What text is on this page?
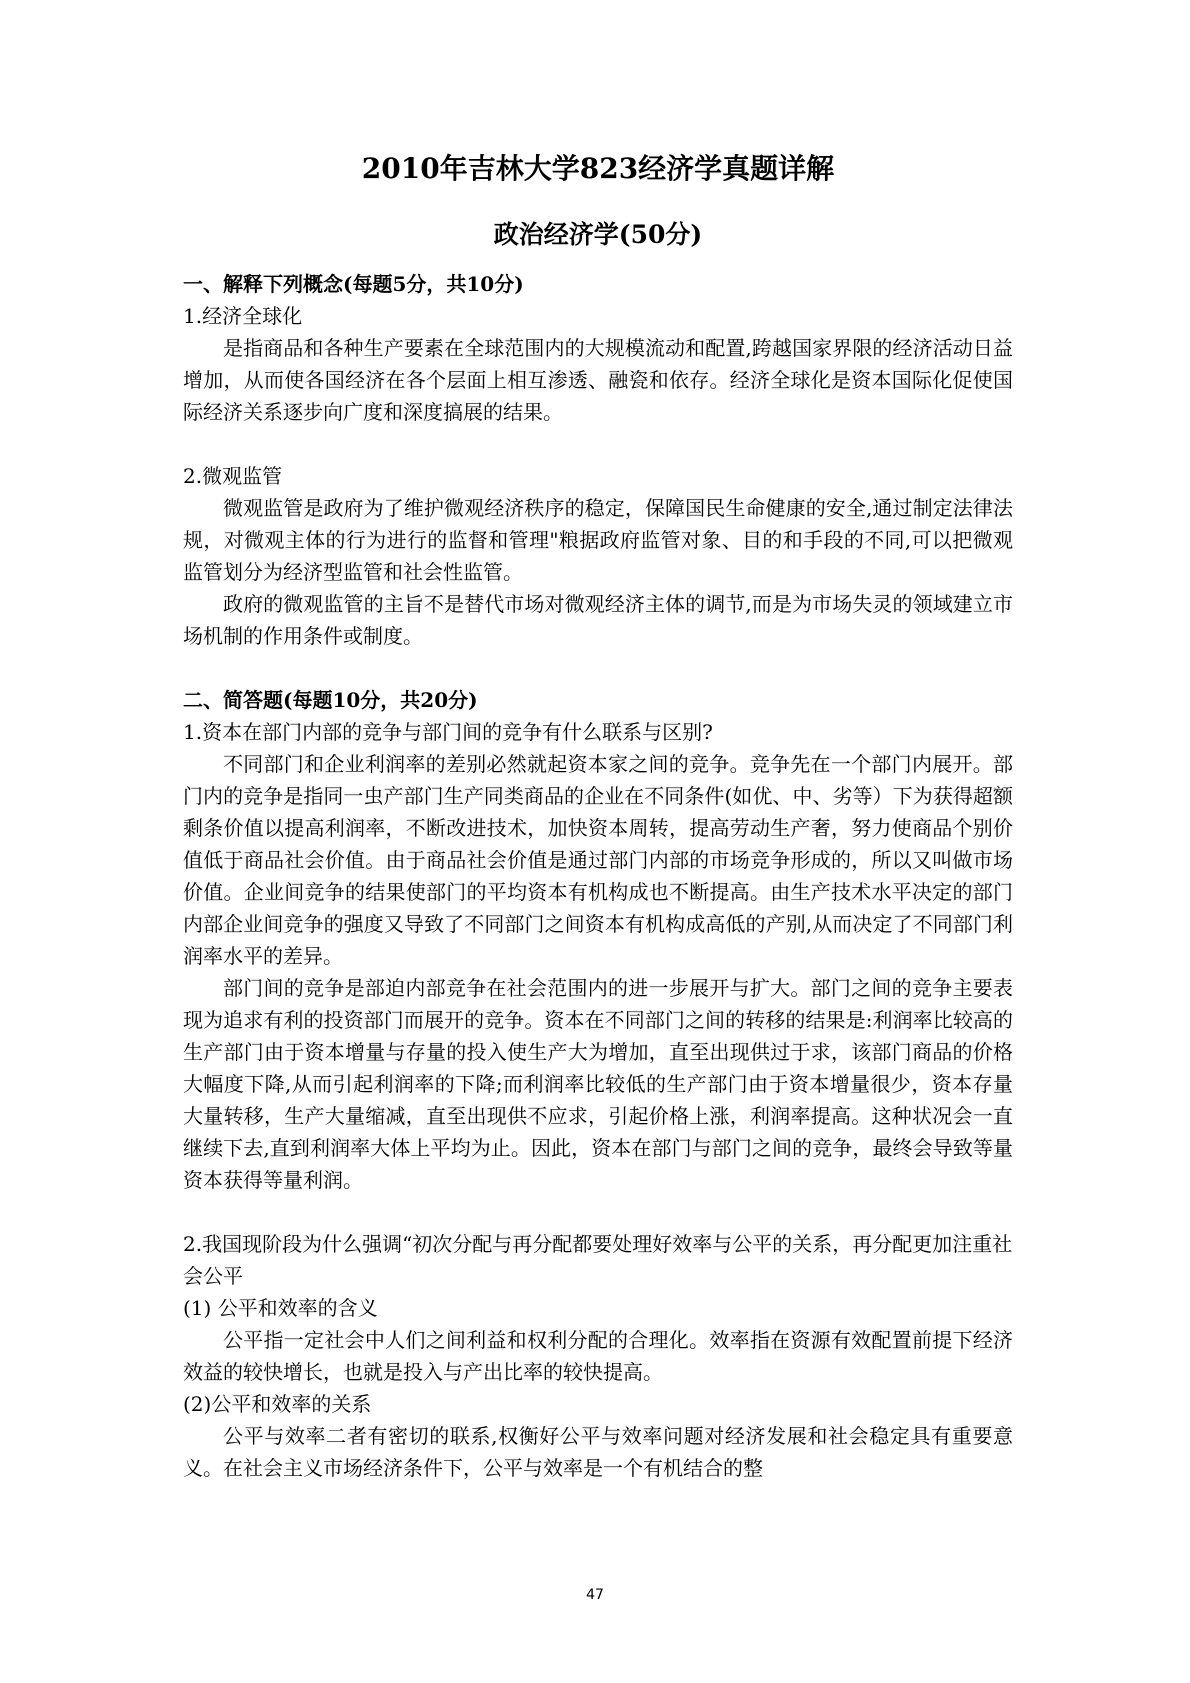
2010年吉林大学823经济学真题详解
政治经济学(50分)

一、解释下列概念(每题5分，共10分)

1.经济全球化

是指商品和各种生产要素在全球范围内的大规模流动和配置,跨越国家界限的经济活动日益增加，从而使各国经济在各个层面上相互渗透、融瓷和依存。经济全球化是资本国际化促使国际经济关系逐步向广度和深度搞展的结果。

2.微观监管

微观监管是政府为了维护微观经济秩序的稳定，保障国民生命健康的安全,通过制定法律法规，对微观主体的行为进行的监督和管理"粮据政府监管对象、目的和手段的不同,可以把微观监管划分为经济型监管和社会性监管。

政府的微观监管的主旨不是替代市场对微观经济主体的调节,而是为市场失灵的领域建立市场机制的作用条件或制度。

二、简答题(每题10分，共20分)

1.资本在部门内部的竞争与部门间的竞争有什么联系与区别?

不同部门和企业利润率的差别必然就起资本家之间的竞争。竞争先在一个部门内展开。部门内的竞争是指同一虫产部门生产同类商品的企业在不同条件(如优、中、劣等）下为获得超额剩条价值以提高利润率，不断改进技术，加快资本周转，提高劳动生产奢，努力使商品个别价值低于商品社会价值。由于商品社会价值是通过部门内部的市场竞争形成的，所以又叫做市场价值。企业间竞争的结果使部门的平均资本有机构成也不断提高。由生产技术水平决定的部门内部企业间竞争的强度又导致了不同部门之间资本有机构成高低的产别,从而决定了不同部门利润率水平的差异。

部门间的竞争是部迫内部竞争在社会范围内的进一步展开与扩大。部门之间的竞争主要表现为追求有利的投资部门而展开的竞争。资本在不同部门之间的转移的结果是:利润率比较高的生产部门由于资本增量与存量的投入使生产大为增加，直至出现供过于求，该部门商品的价格大幅度下降,从而引起利润率的下降;而利润率比较低的生产部门由于资本增量很少，资本存量大量转移，生产大量缩减，直至出现供不应求，引起价格上涨，利润率提高。这种状况会一直继续下去,直到利润率大体上平均为止。因此，资本在部门与部门之间的竞争，最终会导致等量资本获得等量利润。

2.我国现阶段为什么强调“初次分配与再分配都要处理好效率与公平的关系，再分配更加注重社会公平

(1) 公平和效率的含义

公平指一定社会中人们之间利益和权利分配的合理化。效率指在资源有效配置前提下经济效益的较快增长，也就是投入与产出比率的较快提高。

(2)公平和效率的关系

公平与效率二者有密切的联系,权衡好公平与效率问题对经济发展和社会稳定具有重要意义。在社会主义市场经济条件下，公平与效率是一个有机结合的整

47
